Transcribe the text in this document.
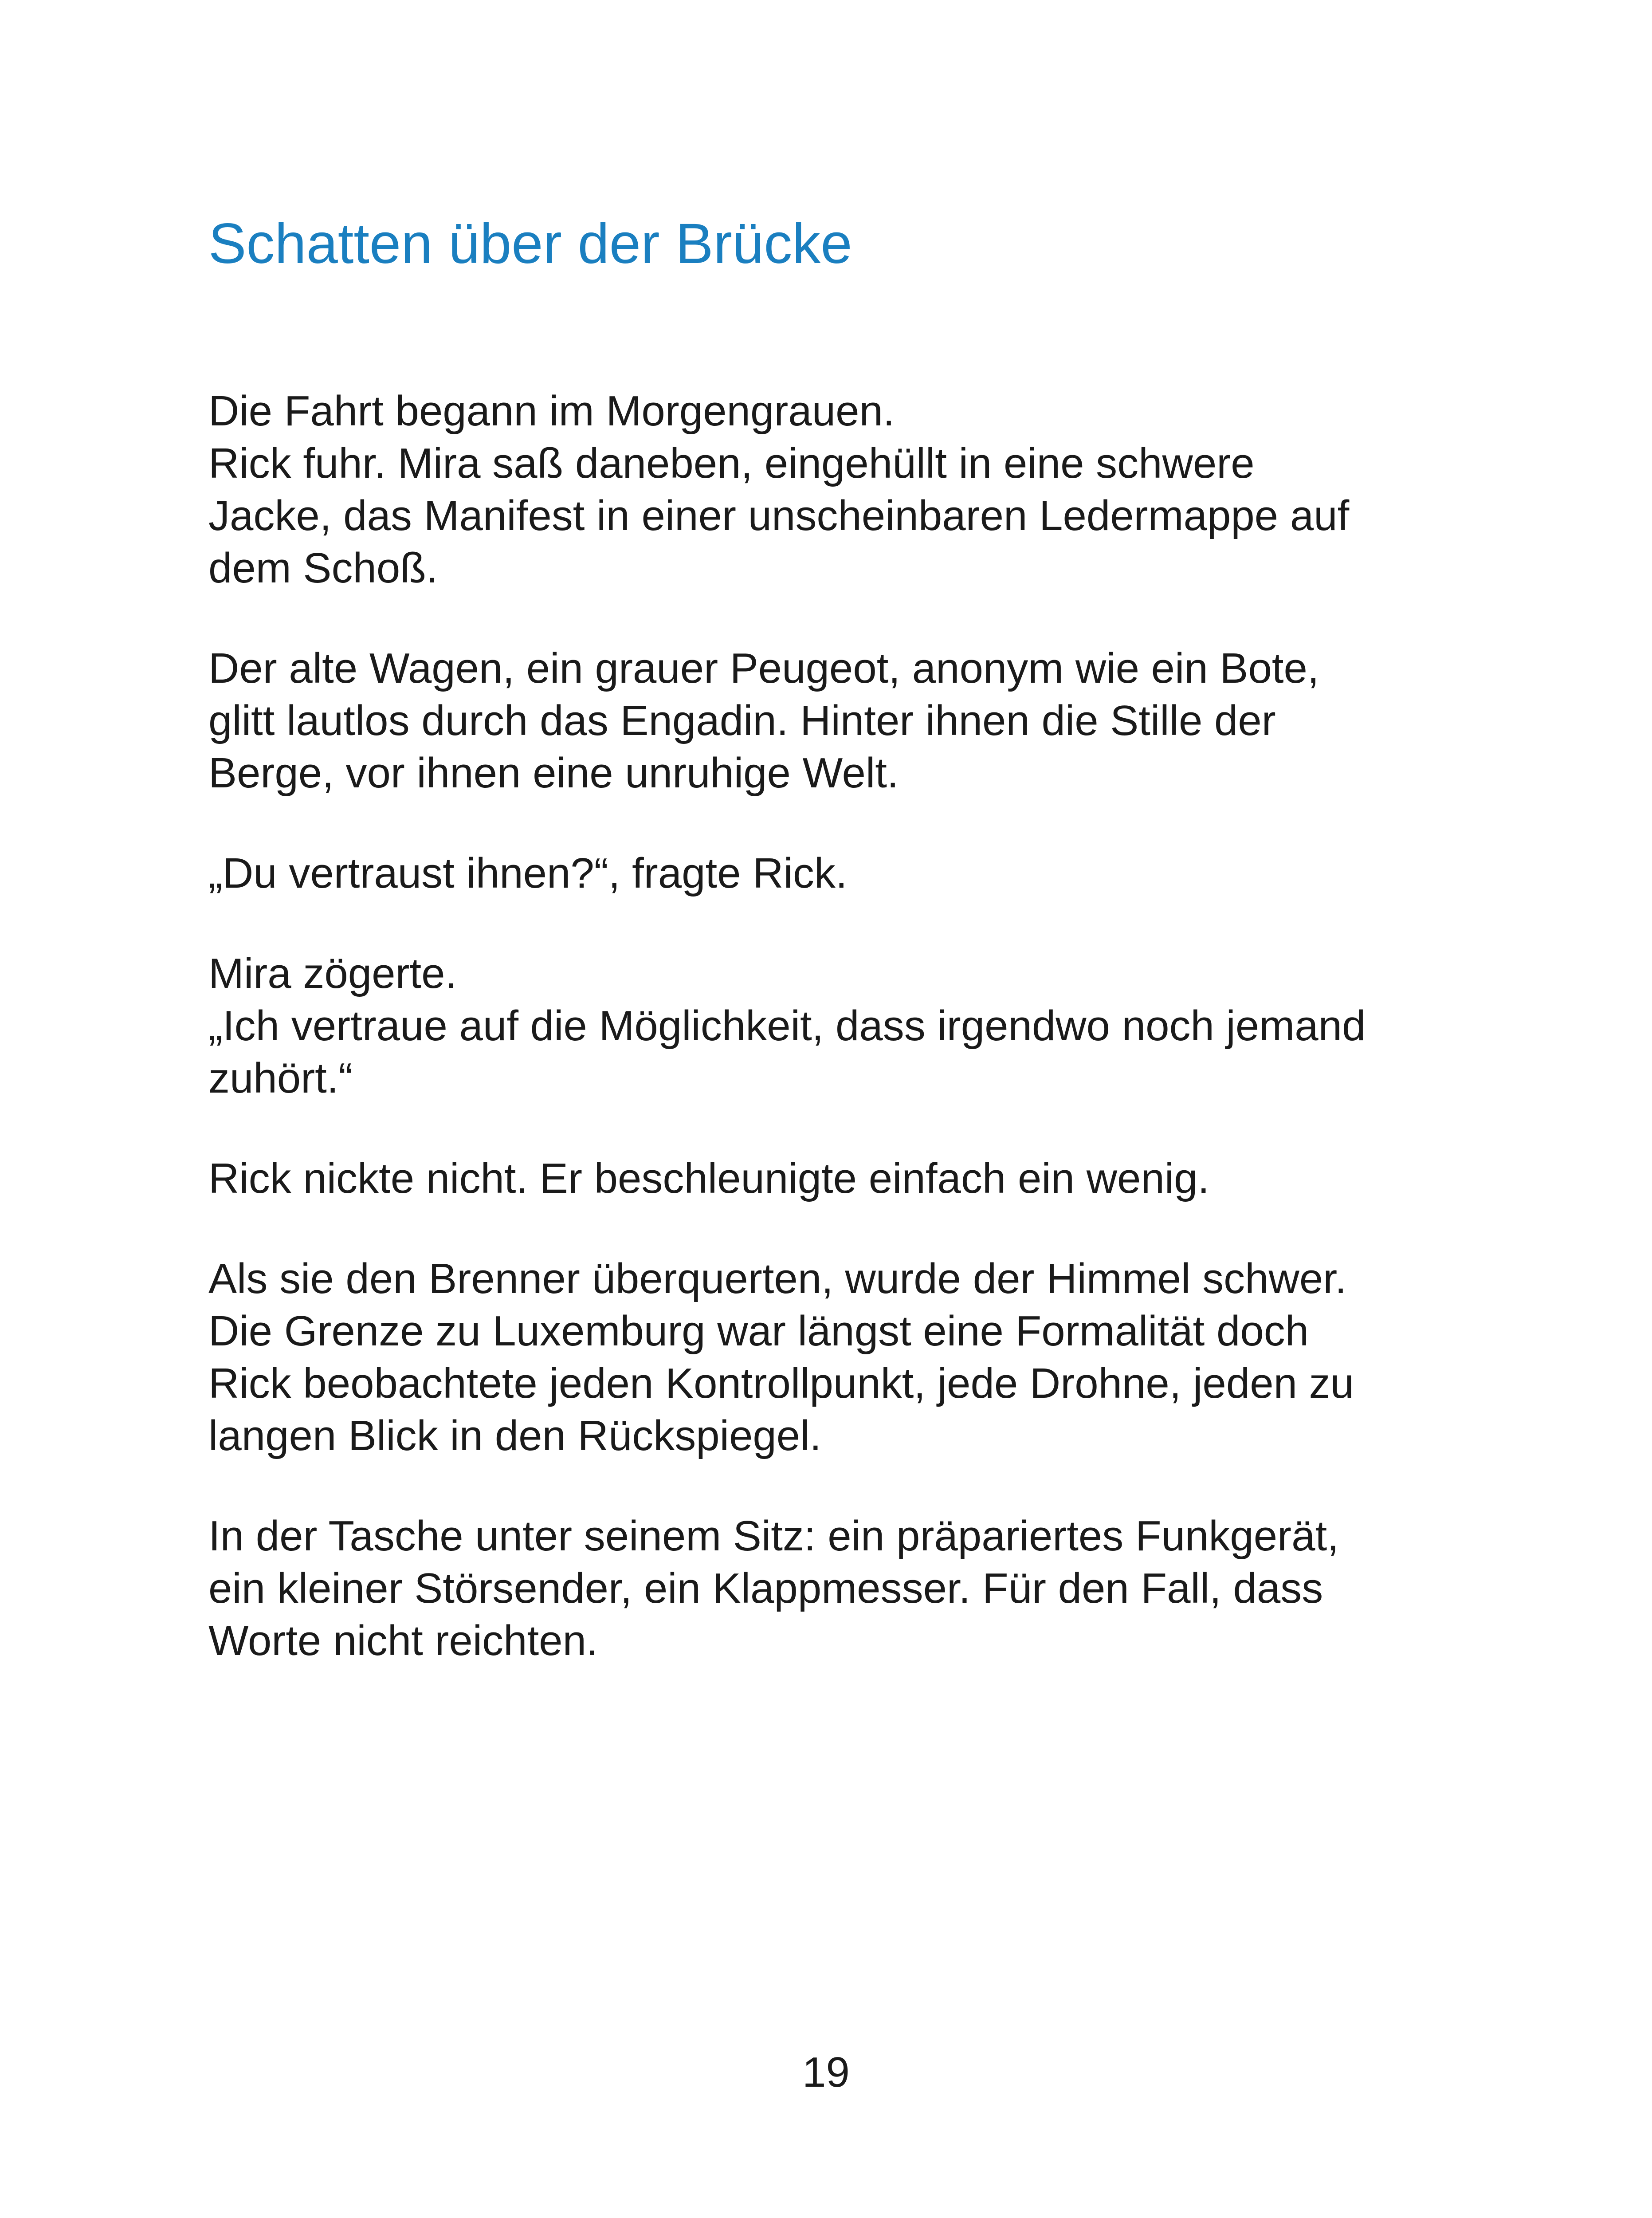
Schatten über der Brücke

Die Fahrt begann im Morgengrauen.
Rick fuhr. Mira saß daneben, eingehüllt in eine schwere
Jacke, das Manifest in einer unscheinbaren Ledermappe auf
dem Schoß.

Der alte Wagen, ein grauer Peugeot, anonym wie ein Bote,
glitt lautlos durch das Engadin. Hinter ihnen die Stille der
Berge, vor ihnen eine unruhige Welt.

„Du vertraust ihnen?“, fragte Rick.

Mira zögerte.
„Ich vertraue auf die Möglichkeit, dass irgendwo noch jemand
zuhört.“

Rick nickte nicht. Er beschleunigte einfach ein wenig.

Als sie den Brenner überquerten, wurde der Himmel schwer.
Die Grenze zu Luxemburg war längst eine Formalität doch
Rick beobachtete jeden Kontrollpunkt, jede Drohne, jeden zu
langen Blick in den Rückspiegel.

In der Tasche unter seinem Sitz: ein präpariertes Funkgerät,
ein kleiner Störsender, ein Klappmesser. Für den Fall, dass
Worte nicht reichten.

19
